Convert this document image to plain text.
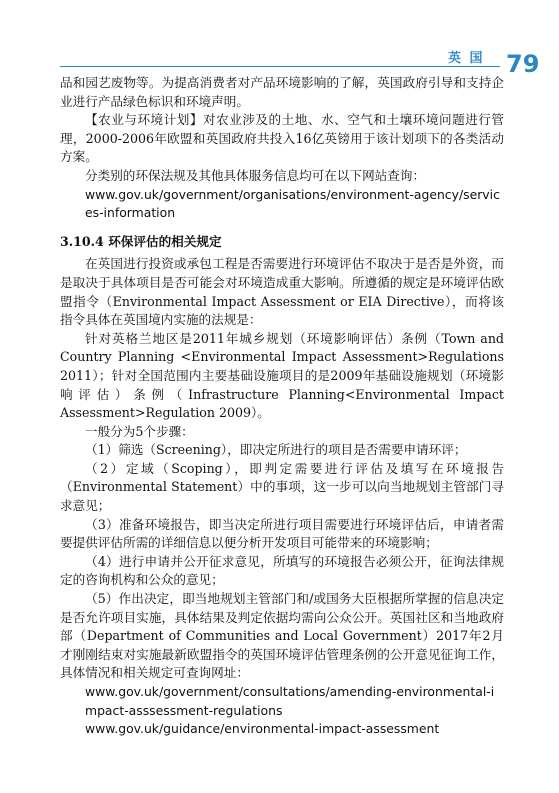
英 国 79

品和园艺废物等。为提高消费者对产品环境影响的了解，英国政府引导和支持企业进行产品绿色标识和环境声明。

【农业与环境计划】对农业涉及的土地、水、空气和土壤环境问题进行管理，2000-2006年欧盟和英国政府共投入16亿英镑用于该计划项下的各类活动方案。

分类别的环保法规及其他具体服务信息均可在以下网站查询：

www.gov.uk/government/organisations/environment-agency/services-information

3.10.4 环保评估的相关规定

在英国进行投资或承包工程是否需要进行环境评估不取决于是否是外资，而是取决于具体项目是否可能会对环境造成重大影响。所遵循的规定是环境评估欧盟指令（Environmental Impact Assessment or EIA Directive），而将该指令具体在英国境内实施的法规是：

针对英格兰地区是2011年城乡规划（环境影响评估）条例（Town and Country Planning <Environmental Impact Assessment>Regulations 2011）；针对全国范围内主要基础设施项目的是2009年基础设施规划（环境影响评估）条例（Infrastructure Planning<Environmental Impact Assessment>Regulation 2009）。

一般分为5个步骤：

（1）筛选（Screening），即决定所进行的项目是否需要申请环评；

（2）定域（Scoping），即判定需要进行评估及填写在环境报告（Environmental Statement）中的事项，这一步可以向当地规划主管部门寻求意见；

（3）准备环境报告，即当决定所进行项目需要进行环境评估后，申请者需要提供评估所需的详细信息以便分析开发项目可能带来的环境影响；

（4）进行申请并公开征求意见，所填写的环境报告必须公开，征询法律规定的咨询机构和公众的意见；

（5）作出决定，即当地规划主管部门和/或国务大臣根据所掌握的信息决定是否允许项目实施，具体结果及判定依据均需向公众公开。英国社区和当地政府部（Department of Communities and Local Government）2017年2月才刚刚结束对实施最新欧盟指令的英国环境评估管理条例的公开意见征询工作，具体情况和相关规定可查询网址：

www.gov.uk/government/consultations/amending-environmental-impact-asssessment-regulations

www.gov.uk/guidance/environmental-impact-assessment
